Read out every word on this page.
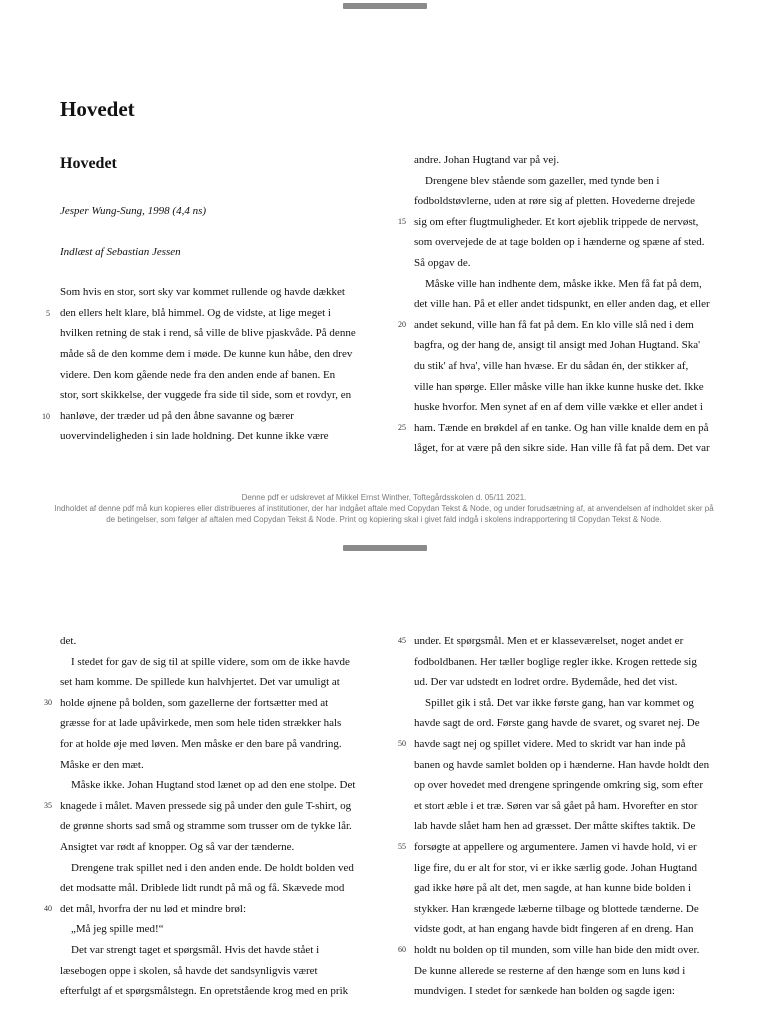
Hovedet

Hovedet

Jesper Wung-Sung, 1998 (4,4 ns)

Indlæst af Sebastian Jessen

Som hvis en stor, sort sky var kommet rullende og havde dækket

den ellers helt klare, blå himmel. Og de vidste, at lige meget i

hvilken retning de stak i rend, så ville de blive pjaskvåde. På denne

måde så de den komme dem i møde. De kunne kun håbe, den drev

videre. Den kom gående nede fra den anden ende af banen. En

stor, sort skikkelse, der vuggede fra side til side, som et rovdyr, en

hanløve, der træder ud på den åbne savanne og bærer

uovervindeligheden i sin lade holdning. Det kunne ikke være

andre. Johan Hugtand var på vej.

Drengene blev stående som gazeller, med tynde ben i

fodboldstøvlerne, uden at røre sig af pletten. Hovederne drejede

sig om efter flugtmuligheder. Et kort øjeblik trippede de nervøst,

som overvejede de at tage bolden op i hænderne og spæne af sted.

Så opgav de.

Måske ville han indhente dem, måske ikke. Men få fat på dem,

det ville han. På et eller andet tidspunkt, en eller anden dag, et eller

andet sekund, ville han få fat på dem. En klo ville slå ned i dem

bagfra, og der hang de, ansigt til ansigt med Johan Hugtand. Ska'

du stik' af hva', ville han hvæse. Er du sådan én, der stikker af,

ville han spørge. Eller måske ville han ikke kunne huske det. Ikke

huske hvorfor. Men synet af en af dem ville vække et eller andet i

ham. Tænde en brøkdel af en tanke. Og han ville knalde dem en på

låget, for at være på den sikre side. Han ville få fat på dem. Det var

5
10
15
20
25
Denne pdf er udskrevet af Mikkel Ernst Winther, Toftegårdsskolen d. 05/11 2021.
Indholdet af denne pdf må kun kopieres eller distribueres af institutioner, der har indgået aftale med Copydan Tekst & Node, og under forudsætning af, at anvendelsen af indholdet sker på
de betingelser, som følger af aftalen med Copydan Tekst & Node. Print og kopiering skal i givet fald indgå i skolens indrapportering til Copydan Tekst & Node.

det.

I stedet for gav de sig til at spille videre, som om de ikke havde

set ham komme. De spillede kun halvhjertet. Det var umuligt at

holde øjnene på bolden, som gazellerne der fortsætter med at

græsse for at lade upåvirkede, men som hele tiden strækker hals

for at holde øje med løven. Men måske er den bare på vandring.

Måske er den mæt.

Måske ikke. Johan Hugtand stod lænet op ad den ene stolpe. Det

knagede i målet. Maven pressede sig på under den gule T-shirt, og

de grønne shorts sad små og stramme som trusser om de tykke lår.

Ansigtet var rødt af knopper. Og så var der tænderne.

Drengene trak spillet ned i den anden ende. De holdt bolden ved

det modsatte mål. Driblede lidt rundt på må og få. Skævede mod

det mål, hvorfra der nu lød et mindre brøl:

„Må jeg spille med!“

Det var strengt taget et spørgsmål. Hvis det havde stået i

læsebogen oppe i skolen, så havde det sandsynligvis været

efterfulgt af et spørgsmålstegn. En opretstående krog med en prik

under. Et spørgsmål. Men et er klasseværelset, noget andet er

fodboldbanen. Her tæller boglige regler ikke. Krogen rettede sig

ud. Der var udstedt en lodret ordre. Bydemåde, hed det vist.

Spillet gik i stå. Det var ikke første gang, han var kommet og

havde sagt de ord. Første gang havde de svaret, og svaret nej. De

havde sagt nej og spillet videre. Med to skridt var han inde på

banen og havde samlet bolden op i hænderne. Han havde holdt den

op over hovedet med drengene springende omkring sig, som efter

et stort æble i et træ. Søren var så gået på ham. Hvorefter en stor

lab havde slået ham hen ad græsset. Der måtte skiftes taktik. De

forsøgte at appellere og argumentere. Jamen vi havde hold, vi er

lige fire, du er alt for stor, vi er ikke særlig gode. Johan Hugtand

gad ikke høre på alt det, men sagde, at han kunne bide bolden i

stykker. Han krængede læberne tilbage og blottede tænderne. De

vidste godt, at han engang havde bidt fingeren af en dreng. Han

holdt nu bolden op til munden, som ville han bide den midt over.

De kunne allerede se resterne af den hænge som en luns kød i

mundvigen. I stedet for sænkede han bolden og sagde igen:

30
35
40
45
50
55
60
